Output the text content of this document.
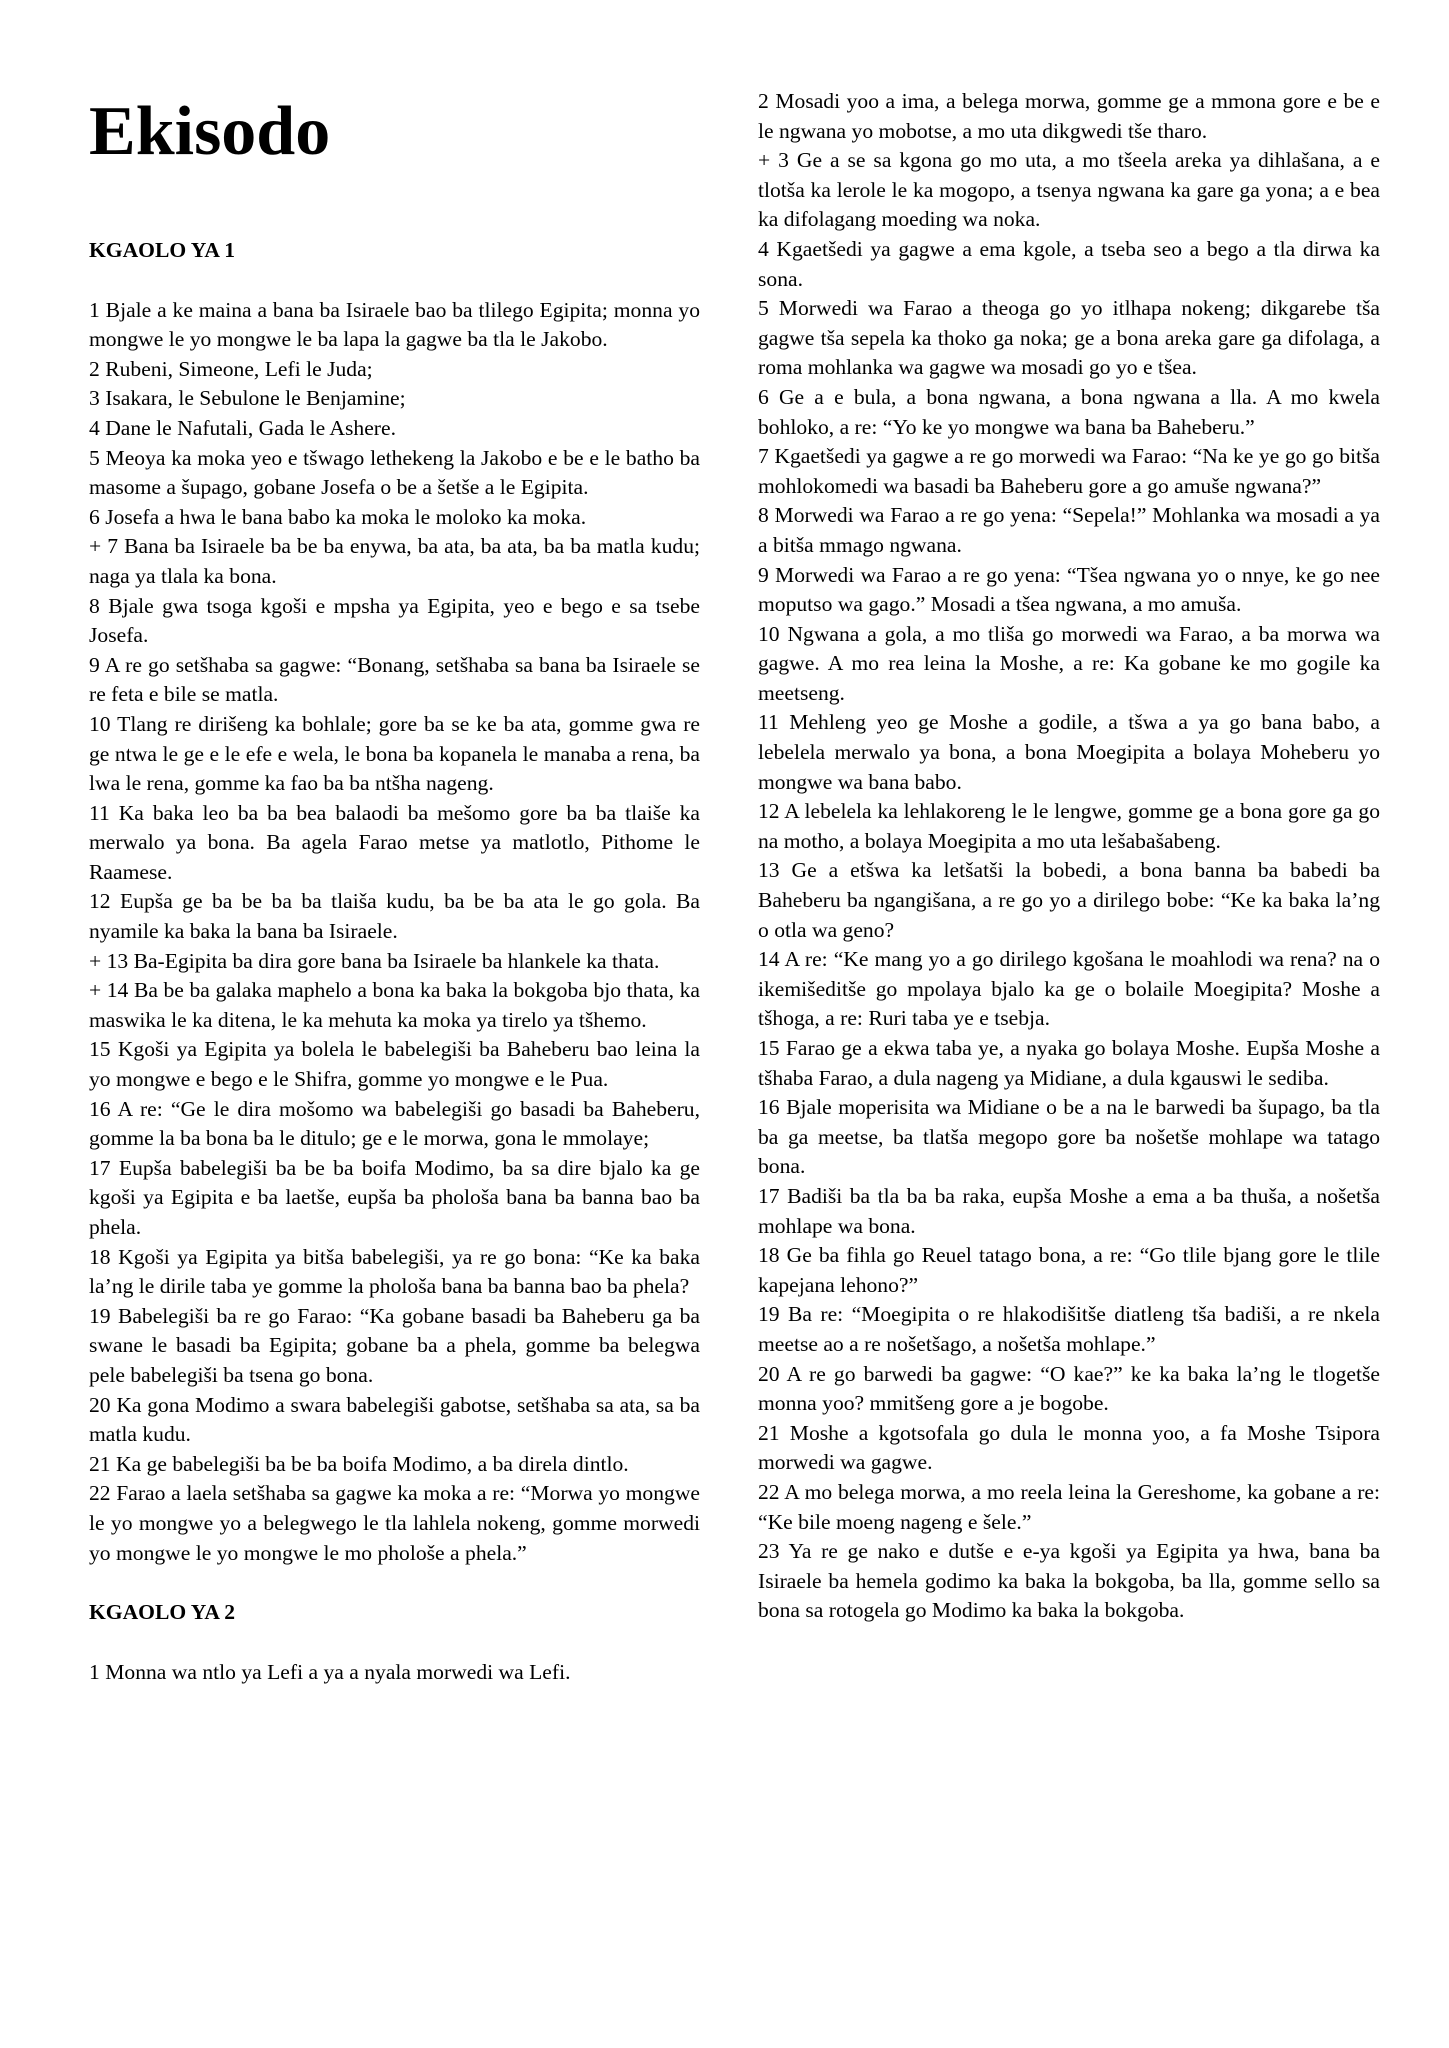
Ekisodo

KGAOLO YA 1

1 Bjale a ke maina a bana ba Isiraele bao ba tlilego Egipita; monna yo mongwe le yo mongwe le ba lapa la gagwe ba tla le Jakobo.

2 Rubeni, Simeone, Lefi le Juda;

3 Isakara, le Sebulone le Benjamine;

4 Dane le Nafutali, Gada le Ashere.

5 Meoya ka moka yeo e tšwago lethekeng la Jakobo e be e le batho ba masome a šupago, gobane Josefa o be a šetše a le Egipita.

6 Josefa a hwa le bana babo ka moka le moloko ka moka.

+ 7 Bana ba Isiraele ba be ba enywa, ba ata, ba ata, ba ba matla kudu; naga ya tlala ka bona.

8 Bjale gwa tsoga kgoši e mpsha ya Egipita, yeo e bego e sa tsebe Josefa.

9 A re go setšhaba sa gagwe: “Bonang, setšhaba sa bana ba Isiraele se re feta e bile se matla.

10 Tlang re dirišeng ka bohlale; gore ba se ke ba ata, gomme gwa re ge ntwa le ge e le efe e wela, le bona ba kopanela le manaba a rena, ba lwa le rena, gomme ka fao ba ba ntšha nageng.

11 Ka baka leo ba ba bea balaodi ba mešomo gore ba ba tlaiše ka merwalo ya bona. Ba agela Farao metse ya matlotlo, Pithome le Raamese.

12 Eupša ge ba be ba ba tlaiša kudu, ba be ba ata le go gola. Ba nyamile ka baka la bana ba Isiraele.

+ 13 Ba-Egipita ba dira gore bana ba Isiraele ba hlankele ka thata.

+ 14 Ba be ba galaka maphelo a bona ka baka la bokgoba bjo thata, ka maswika le ka ditena, le ka mehuta ka moka ya tirelo ya tšhemo.

15 Kgoši ya Egipita ya bolela le babelegiši ba Baheberu bao leina la yo mongwe e bego e le Shifra, gomme yo mongwe e le Pua.

16 A re: “Ge le dira mošomo wa babelegiši go basadi ba Baheberu, gomme la ba bona ba le ditulo; ge e le morwa, gona le mmolaye;

17 Eupša babelegiši ba be ba boifa Modimo, ba sa dire bjalo ka ge kgoši ya Egipita e ba laetše, eupša ba phološa bana ba banna bao ba phela.

18 Kgoši ya Egipita ya bitša babelegiši, ya re go bona: “Ke ka baka la’ng le dirile taba ye gomme la phološa bana ba banna bao ba phela?

19 Babelegiši ba re go Farao: “Ka gobane basadi ba Baheberu ga ba swane le basadi ba Egipita; gobane ba a phela, gomme ba belegwa pele babelegiši ba tsena go bona.

20 Ka gona Modimo a swara babelegiši gabotse, setšhaba sa ata, sa ba matla kudu.

21 Ka ge babelegiši ba be ba boifa Modimo, a ba direla dintlo.

22 Farao a laela setšhaba sa gagwe ka moka a re: “Morwa yo mongwe le yo mongwe yo a belegwego le tla lahlela nokeng, gomme morwedi yo mongwe le yo mongwe le mo phološe a phela.”

KGAOLO YA 2

1 Monna wa ntlo ya Lefi a ya a nyala morwedi wa Lefi.

2 Mosadi yoo a ima, a belega morwa, gomme ge a mmona gore e be e le ngwana yo mobotse, a mo uta dikgwedi tše tharo.

+ 3 Ge a se sa kgona go mo uta, a mo tšeela areka ya dihlašana, a e tlotša ka lerole le ka mogopo, a tsenya ngwana ka gare ga yona; a e bea ka difolagang moeding wa noka.

4 Kgaetšedi ya gagwe a ema kgole, a tseba seo a bego a tla dirwa ka sona.

5 Morwedi wa Farao a theoga go yo itlhapa nokeng; dikgarebe tša gagwe tša sepela ka thoko ga noka; ge a bona areka gare ga difolaga, a roma mohlanka wa gagwe wa mosadi go yo e tšea.

6 Ge a e bula, a bona ngwana, a bona ngwana a lla. A mo kwela bohloko, a re: “Yo ke yo mongwe wa bana ba Baheberu.”

7 Kgaetšedi ya gagwe a re go morwedi wa Farao: “Na ke ye go go bitša mohlokomedi wa basadi ba Baheberu gore a go amuše ngwana?”

8 Morwedi wa Farao a re go yena: “Sepela!” Mohlanka wa mosadi a ya a bitša mmago ngwana.

9 Morwedi wa Farao a re go yena: “Tšea ngwana yo o nnye, ke go nee moputso wa gago.” Mosadi a tšea ngwana, a mo amuša.

10 Ngwana a gola, a mo tliša go morwedi wa Farao, a ba morwa wa gagwe. A mo rea leina la Moshe, a re: Ka gobane ke mo gogile ka meetseng.

11 Mehleng yeo ge Moshe a godile, a tšwa a ya go bana babo, a lebelela merwalo ya bona, a bona Moegipita a bolaya Moheberu yo mongwe wa bana babo.

12 A lebelela ka lehlakoreng le le lengwe, gomme ge a bona gore ga go na motho, a bolaya Moegipita a mo uta lešabašabeng.

13 Ge a etšwa ka letšatši la bobedi, a bona banna ba babedi ba Baheberu ba ngangišana, a re go yo a dirilego bobe: “Ke ka baka la’ng o otla wa geno?

14 A re: “Ke mang yo a go dirilego kgošana le moahlodi wa rena? na o ikemišeditše go mpolaya bjalo ka ge o bolaile Moegipita? Moshe a tšhoga, a re: Ruri taba ye e tsebja.

15 Farao ge a ekwa taba ye, a nyaka go bolaya Moshe. Eupša Moshe a tšhaba Farao, a dula nageng ya Midiane, a dula kgauswi le sediba.

16 Bjale moperisita wa Midiane o be a na le barwedi ba šupago, ba tla ba ga meetse, ba tlatša megopo gore ba nošetše mohlape wa tatago bona.

17 Badiši ba tla ba ba raka, eupša Moshe a ema a ba thuša, a nošetša mohlape wa bona.

18 Ge ba fihla go Reuel tatago bona, a re: “Go tlile bjang gore le tlile kapejana lehono?”

19 Ba re: “Moegipita o re hlakodišitše diatleng tša badiši, a re nkela meetse ao a re nošetšago, a nošetša mohlape.”

20 A re go barwedi ba gagwe: “O kae?” ke ka baka la’ng le tlogetše monna yoo? mmitšeng gore a je bogobe.

21 Moshe a kgotsofala go dula le monna yoo, a fa Moshe Tsipora morwedi wa gagwe.

22 A mo belega morwa, a mo reela leina la Gereshome, ka gobane a re: “Ke bile moeng nageng e šele.”

23 Ya re ge nako e dutše e e-ya kgoši ya Egipita ya hwa, bana ba Isiraele ba hemela godimo ka baka la bokgoba, ba lla, gomme sello sa bona sa rotogela go Modimo ka baka la bokgoba.
